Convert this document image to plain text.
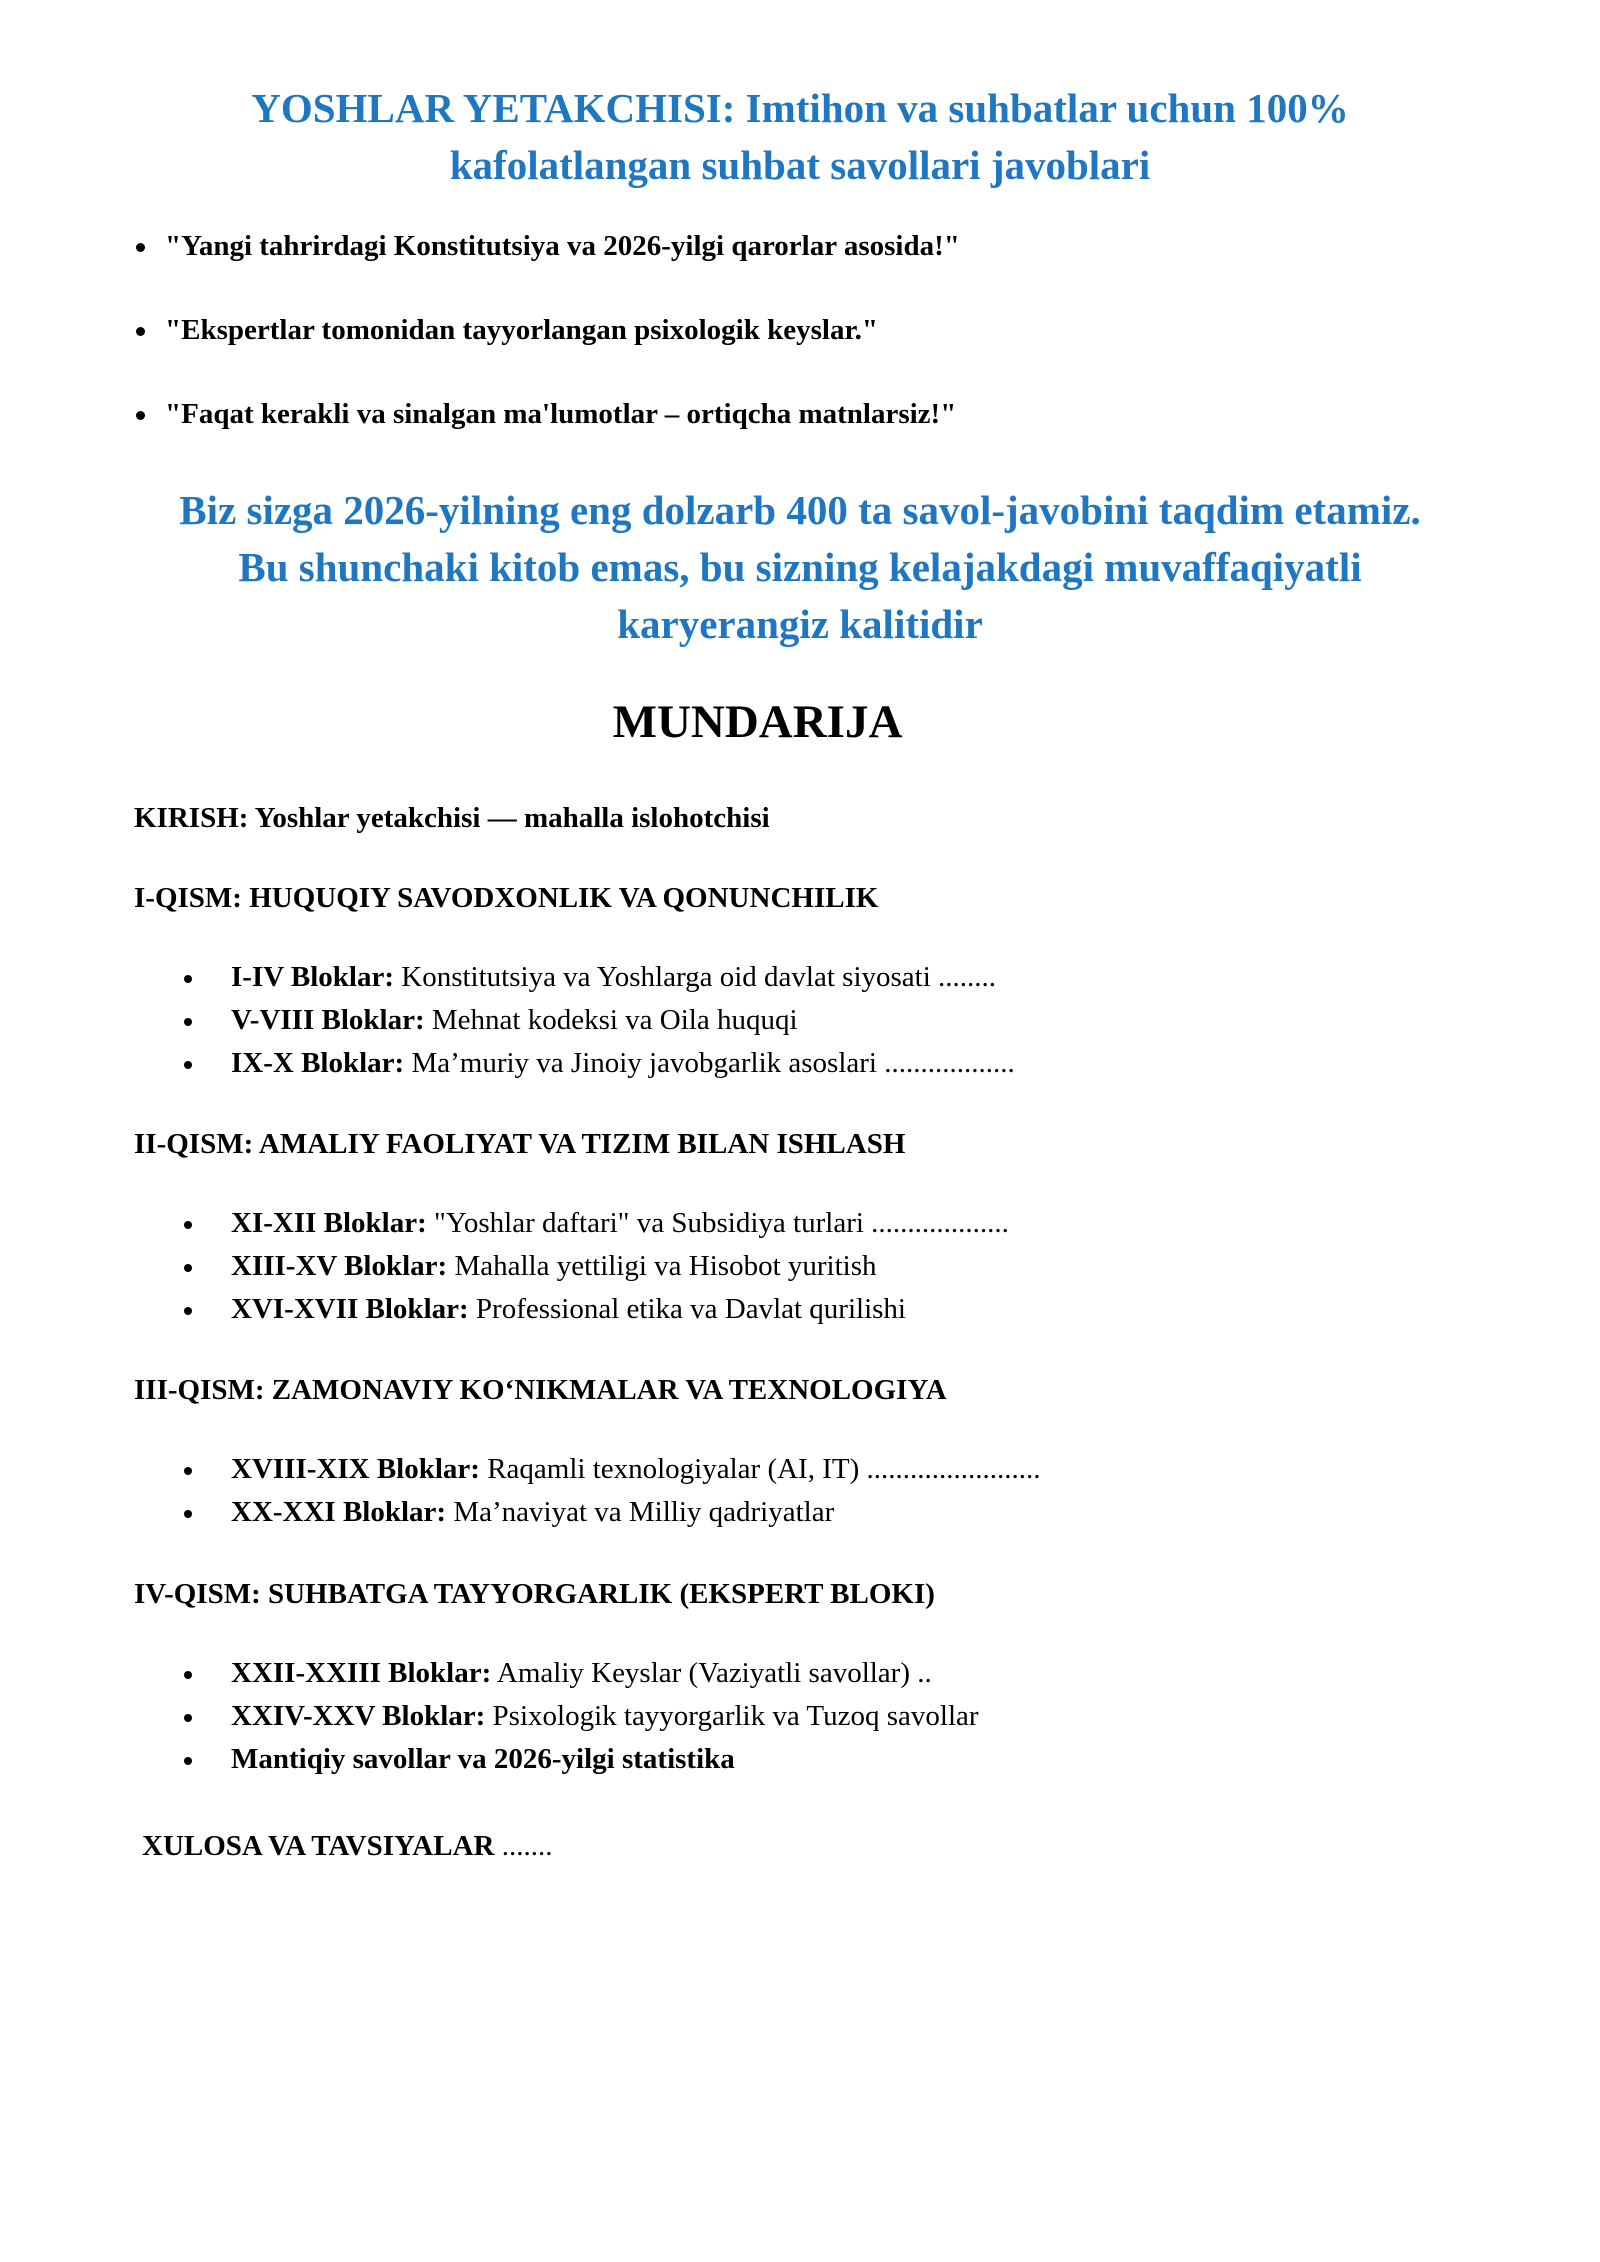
YOSHLAR YETAKCHISI: Imtihon va suhbatlar uchun 100%
kafolatlangan suhbat savollari javoblari
"Yangi tahrirdagi Konstitutsiya va 2026-yilgi qarorlar asosida!"
"Ekspertlar tomonidan tayyorlangan psixologik keyslar."
"Faqat kerakli va sinalgan ma'lumotlar – ortiqcha matnlarsiz!"

Biz sizga 2026-yilning eng dolzarb 400 ta savol-javobini taqdim etamiz.
Bu shunchaki kitob emas, bu sizning kelajakdagi muvaffaqiyatli
karyerangiz kalitidir

MUNDARIJA

KIRISH: Yoshlar yetakchisi — mahalla islohotchisi

I-QISM: HUQUQIY SAVODXONLIK VA QONUNCHILIK

I-IV Bloklar: Konstitutsiya va Yoshlarga oid davlat siyosati ........
V-VIII Bloklar: Mehnat kodeksi va Oila huquqi
IX-X Bloklar: Ma’muriy va Jinoiy javobgarlik asoslari ..................

II-QISM: AMALIY FAOLIYAT VA TIZIM BILAN ISHLASH

XI-XII Bloklar: "Yoshlar daftari" va Subsidiya turlari ...................
XIII-XV Bloklar: Mahalla yettiligi va Hisobot yuritish
XVI-XVII Bloklar: Professional etika va Davlat qurilishi

III-QISM: ZAMONAVIY KO‘NIKMALAR VA TEXNOLOGIYA

XVIII-XIX Bloklar: Raqamli texnologiyalar (AI, IT) ........................
XX-XXI Bloklar: Ma’naviyat va Milliy qadriyatlar

IV-QISM: SUHBATGA TAYYORGARLIK (EKSPERT BLOKI)

XXII-XXIII Bloklar: Amaliy Keyslar (Vaziyatli savollar) ..
XXIV-XXV Bloklar: Psixologik tayyorgarlik va Tuzoq savollar
Mantiqiy savollar va 2026-yilgi statistika

XULOSA VA TAVSIYALAR .......
